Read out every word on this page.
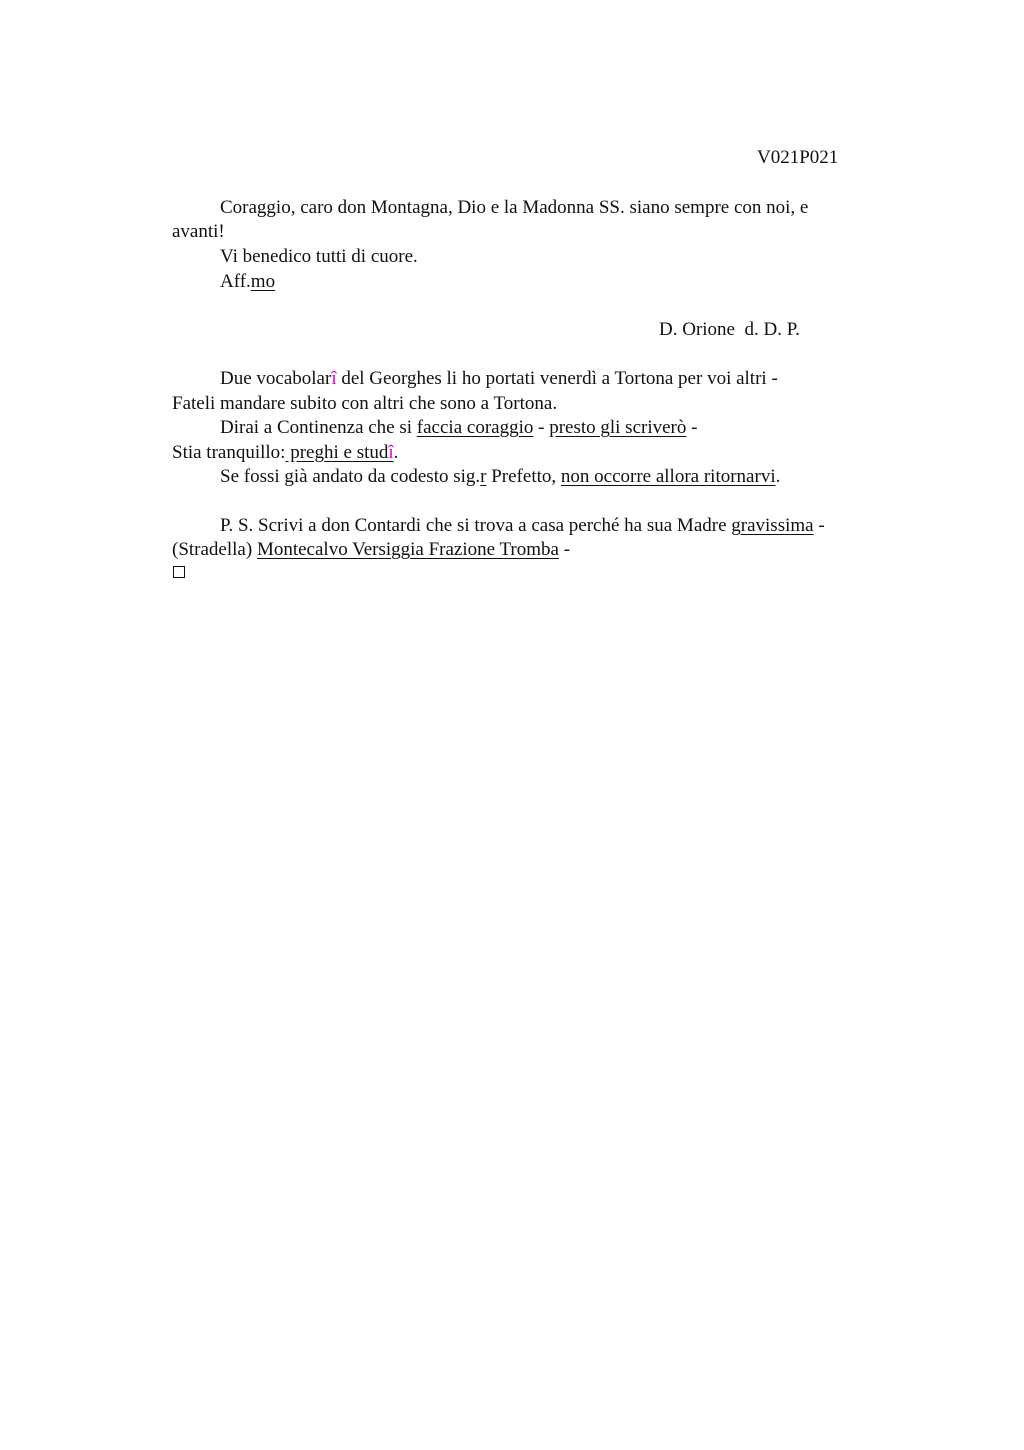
V021P021
Coraggio, caro don Montagna, Dio e la Madonna SS. siano sempre con noi, e
avanti!
Vi benedico tutti di cuore.
Aff.mo
D. Orione  d. D. P.
Due vocabolarî del Georghes li ho portati venerdì a Tortona per voi altri -
Fateli mandare subito con altri che sono a Tortona.
Dirai a Continenza che si faccia coraggio - presto gli scriverò -
Stia tranquillo: preghi e studî.
Se fossi già andato da codesto sig.r Prefetto, non occorre allora ritornarvi.
P. S. Scrivi a don Contardi che si trova a casa perché ha sua Madre gravissima -
(Stradella) Montecalvo Versiggia Frazione Tromba -
